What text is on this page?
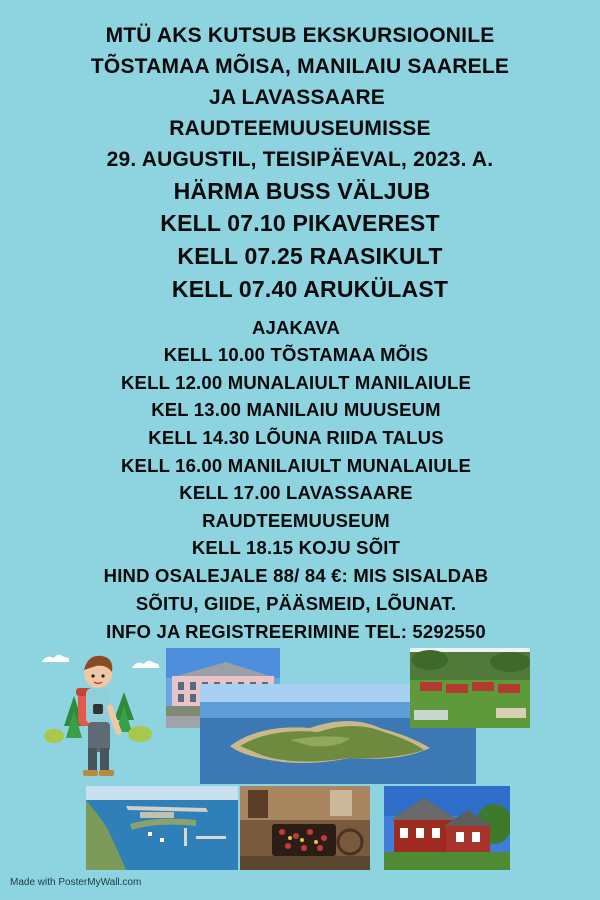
MTÜ AKS KUTSUB EKSKURSIOONILE
TÕSTAMAA MÕISA, MANILAIU SAARELE
JA LAVASSAARE
RAUDTEEMUUSEUMISSE
29. AUGUSTIL, TEISIPÄEVAL, 2023. A.
HÄRMA BUSS VÄLJUB
KELL 07.10 PIKAVEREST
KELL 07.25 RAASIKULT
KELL 07.40 ARUKÜLAST
AJAKAVA
KELL 10.00 TÕSTAMAA MÕIS
KELL 12.00 MUNALAIULT MANILAIULE
KEL 13.00 MANILAIU MUUSEUM
KELL 14.30 LÕUNA RIIDA TALUS
KELL 16.00 MANILAIULT MUNALAIULE
KELL 17.00 LAVASSAARE
RAUDTEEMUUSEUM
KELL 18.15 KOJU SÕIT
HIND OSALEJALE 88/ 84 €: MIS SISALDAB
SÕITU, GIIDE, PÄÄSMEID, LÕUNAT.
INFO JA REGISTREERIMINE TEL: 5292550
Made with PosterMyWall.com
